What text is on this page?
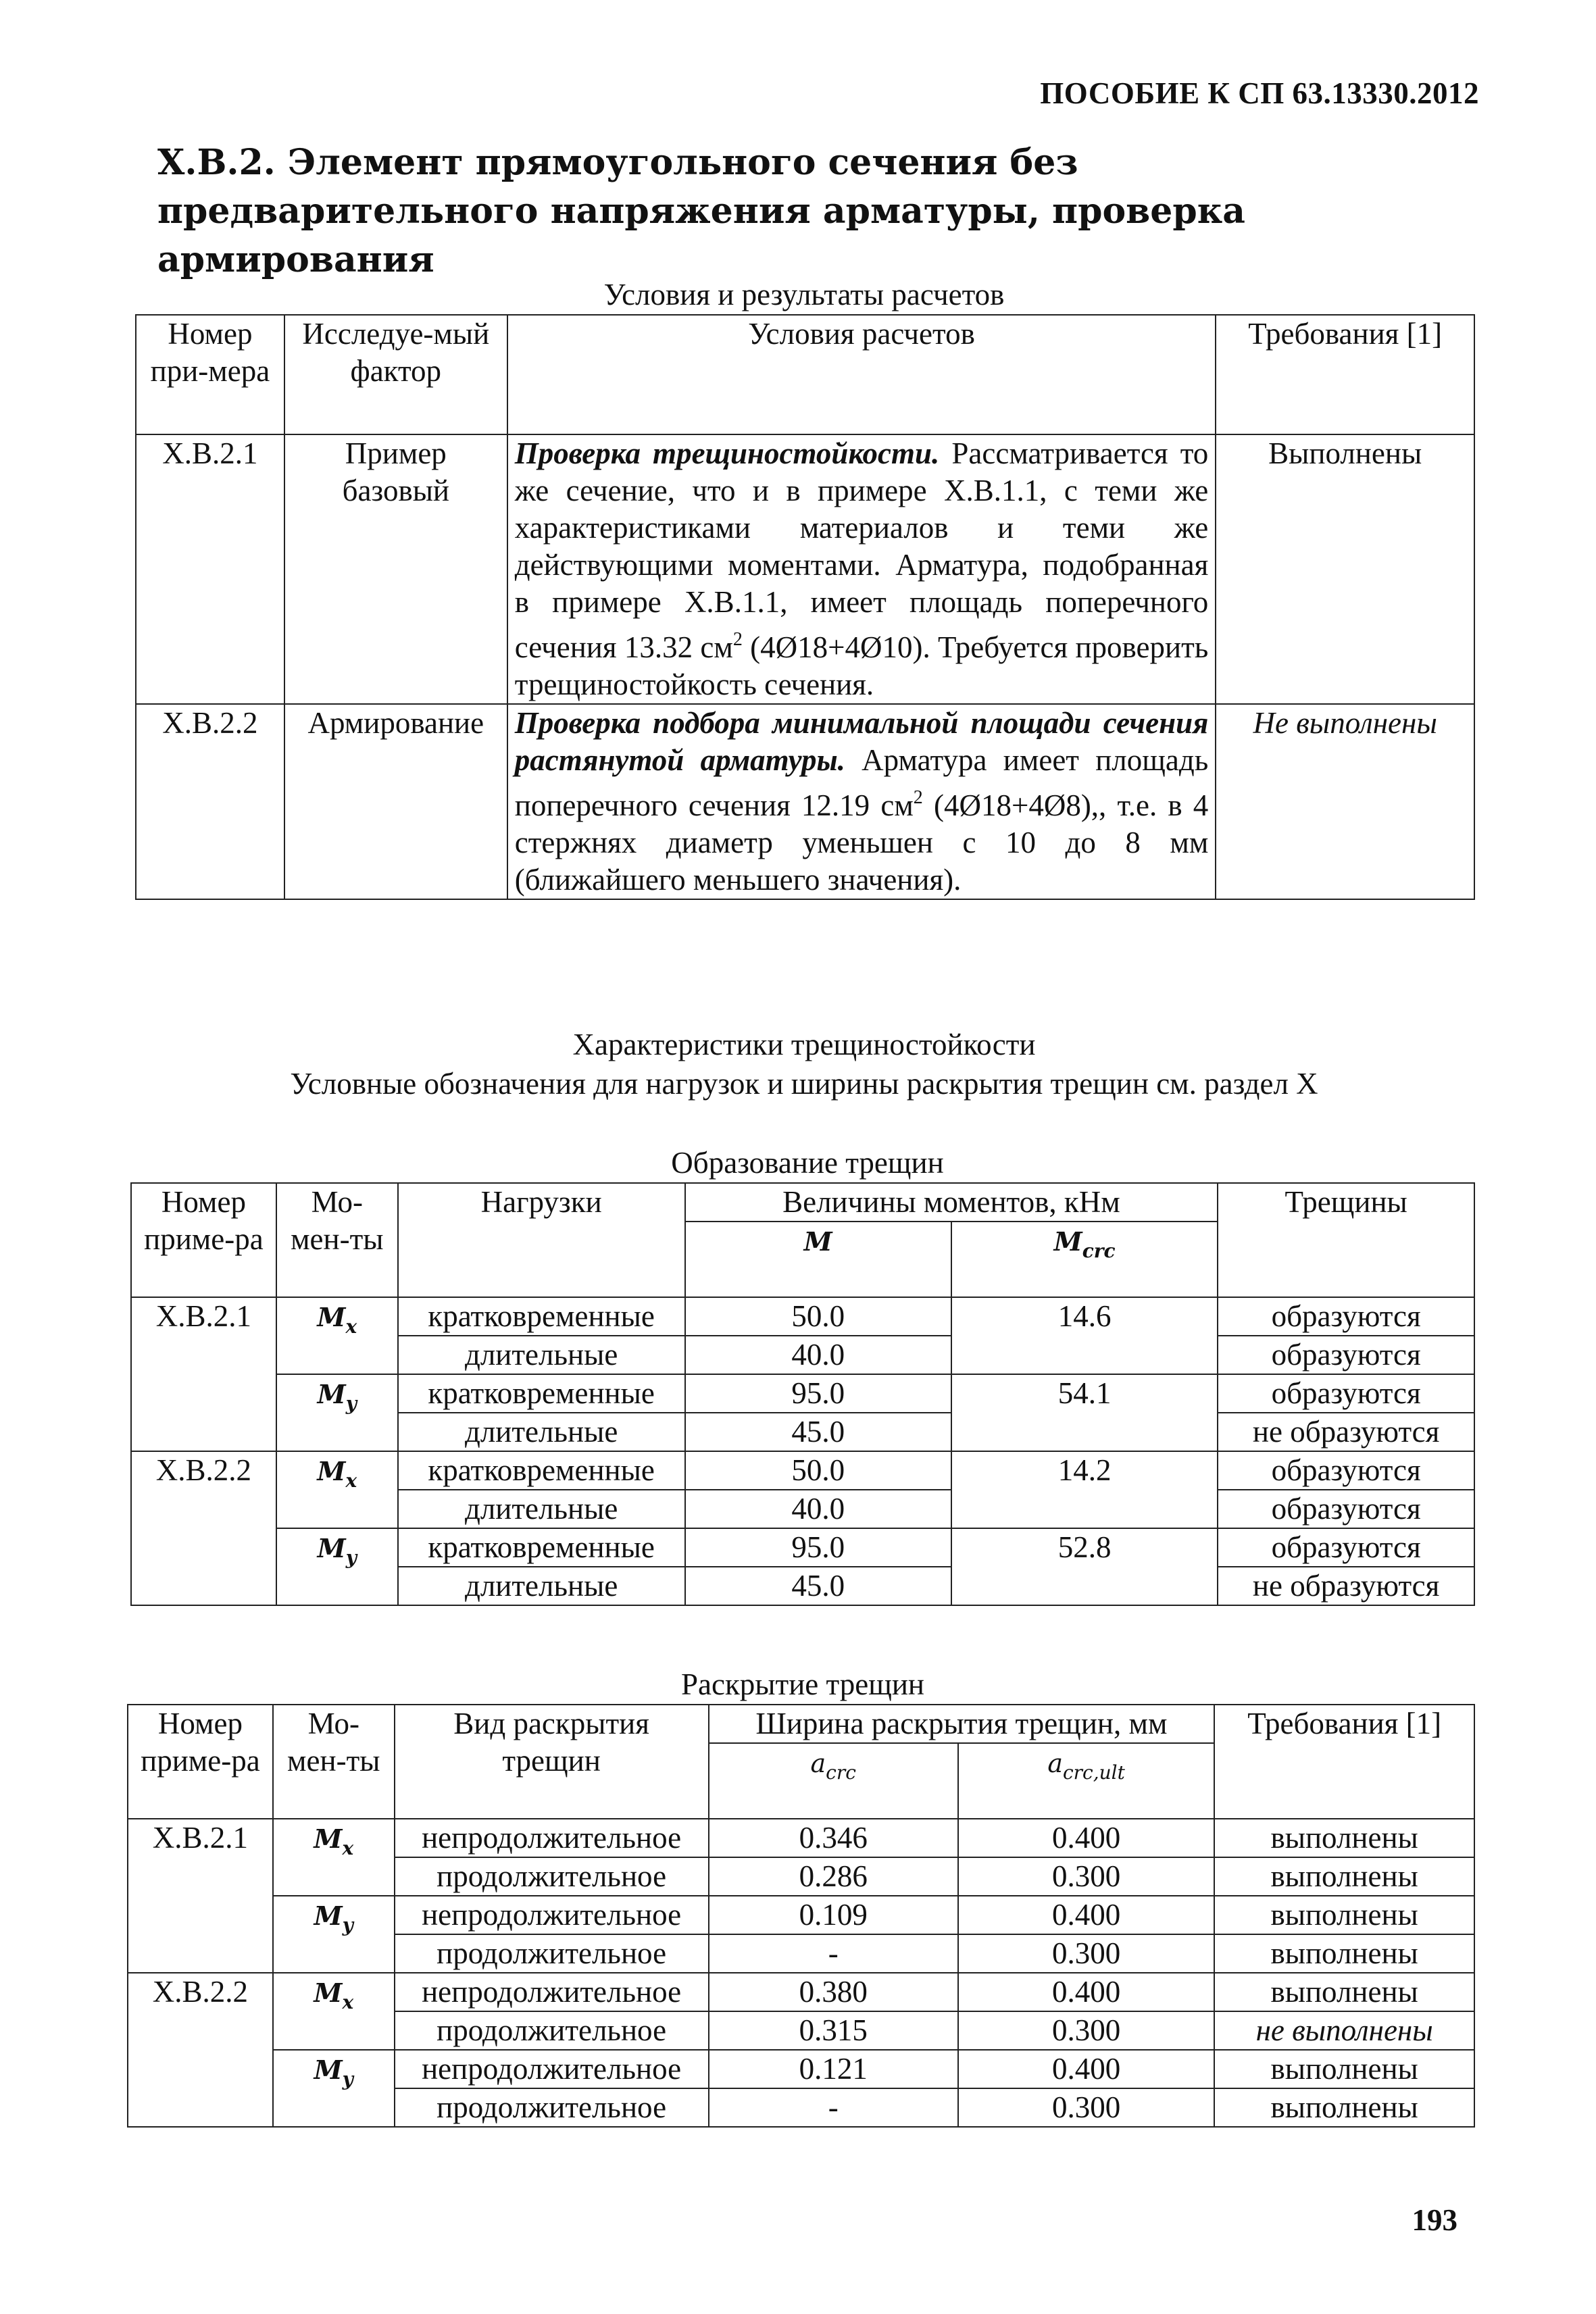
ПОСОБИЕ К СП 63.13330.2012
Х.В.2. Элемент прямоугольного сечения без предварительного напряжения арматуры, проверка армирования
Условия и результаты расчетов
Номер при-мера	Исследуе-мый фактор	Условия расчетов	Требования [1]
Х.В.2.1	Пример базовый	Проверка трещиностойкости. Рассматривается то же сечение, что и в примере Х.В.1.1, с теми же характеристиками материалов и теми же действующими моментами. Арматура, подобранная в примере Х.В.1.1, имеет площадь поперечного сечения 13.32 $см^2$ (4Ø18+4Ø10). Требуется проверить трещиностойкость сечения.	Выполнены
Х.В.2.2	Армирование	Проверка подбора минимальной площади сечения растянутой арматуры. Арматура имеет площадь поперечного сечения 12.19 $см^2$ (4Ø18+4Ø8),, т.е. в 4 стержнях диаметр уменьшен с 10 до 8 мм (ближайшего меньшего значения).	Не выполнены
Характеристики трещиностойкости
Условные обозначения для нагрузок и ширины раскрытия трещин см. раздел Х
Образование трещин
Номер приме-ра	Мо-мен-ты	Нагрузки	Величины моментов, кНм		Трещины
			M	$M_{crc}$
Х.В.2.1	$M_x$	кратковременные	50.0	14.6	образуются
		длительные	40.0		образуются
	$M_y$	кратковременные	95.0	54.1	образуются
		длительные	45.0		не образуются
Х.В.2.2	$M_x$	кратковременные	50.0	14.2	образуются
		длительные	40.0		образуются
	$M_y$	кратковременные	95.0	52.8	образуются
		длительные	45.0		не образуются
Раскрытие трещин
Номер приме-ра	Мо-мен-ты	Вид раскрытия трещин	Ширина раскрытия трещин, мм		Требования [1]
			$a_{crc}$	$a_{crc,ult}$
Х.В.2.1	$M_x$	непродолжительное	0.346	0.400	выполнены
		продолжительное	0.286	0.300	выполнены
	$M_y$	непродолжительное	0.109	0.400	выполнены
		продолжительное	-	0.300	выполнены
Х.В.2.2	$M_x$	непродолжительное	0.380	0.400	выполнены
		продолжительное	0.315	0.300	не выполнены
	$M_y$	непродолжительное	0.121	0.400	выполнены
		продолжительное	-	0.300	выполнены
193
